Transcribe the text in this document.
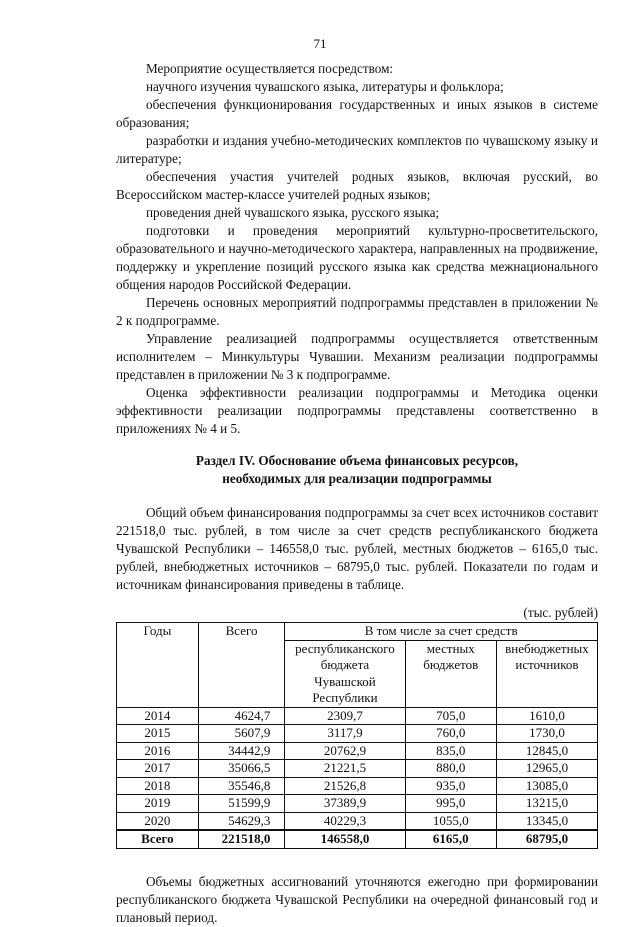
71

Мероприятие осуществляется посредством:

научного изучения чувашского языка, литературы и фольклора;

обеспечения функционирования государственных и иных языков в системе образования;

разработки и издания учебно-методических комплектов по чувашскому языку и литературе;

обеспечения участия учителей родных языков, включая русский, во Всероссийском мастер-классе учителей родных языков;

проведения дней чувашского языка, русского языка;

подготовки и проведения мероприятий культурно-просветительского, образовательного и научно-методического характера, направленных на продвижение, поддержку и укрепление позиций русского языка как средства межнационального общения народов Российской Федерации.

Перечень основных мероприятий подпрограммы представлен в приложении № 2 к подпрограмме.

Управление реализацией подпрограммы осуществляется ответственным исполнителем – Минкультуры Чувашии. Механизм реализации подпрограммы представлен в приложении № 3 к подпрограмме.

Оценка эффективности реализации подпрограммы и Методика оценки эффективности реализации подпрограммы представлены соответственно в приложениях № 4 и 5.

Раздел IV. Обоснование объема финансовых ресурсов,
необходимых для реализации подпрограммы

Общий объем финансирования подпрограммы за счет всех источников составит 221518,0 тыс. рублей, в том числе за счет средств республиканского бюджета Чувашской Республики – 146558,0 тыс. рублей, местных бюджетов – 6165,0 тыс. рублей, внебюджетных источников – 68795,0 тыс. рублей. Показатели по годам и источникам финансирования приведены в таблице.

(тыс. рублей)
Годы	Всего	В том числе за счет средств		
		республиканского бюджета Чувашской Республики	местных бюджетов	внебюджетных источников
2014	4624,7	2309,7	705,0	1610,0
2015	5607,9	3117,9	760,0	1730,0
2016	34442,9	20762,9	835,0	12845,0
2017	35066,5	21221,5	880,0	12965,0
2018	35546,8	21526,8	935,0	13085,0
2019	51599,9	37389,9	995,0	13215,0
2020	54629,3	40229,3	1055,0	13345,0
Всего	221518,0	146558,0	6165,0	68795,0

Объемы бюджетных ассигнований уточняются ежегодно при формировании республиканского бюджета Чувашской Республики на очередной финансовый год и плановый период.
